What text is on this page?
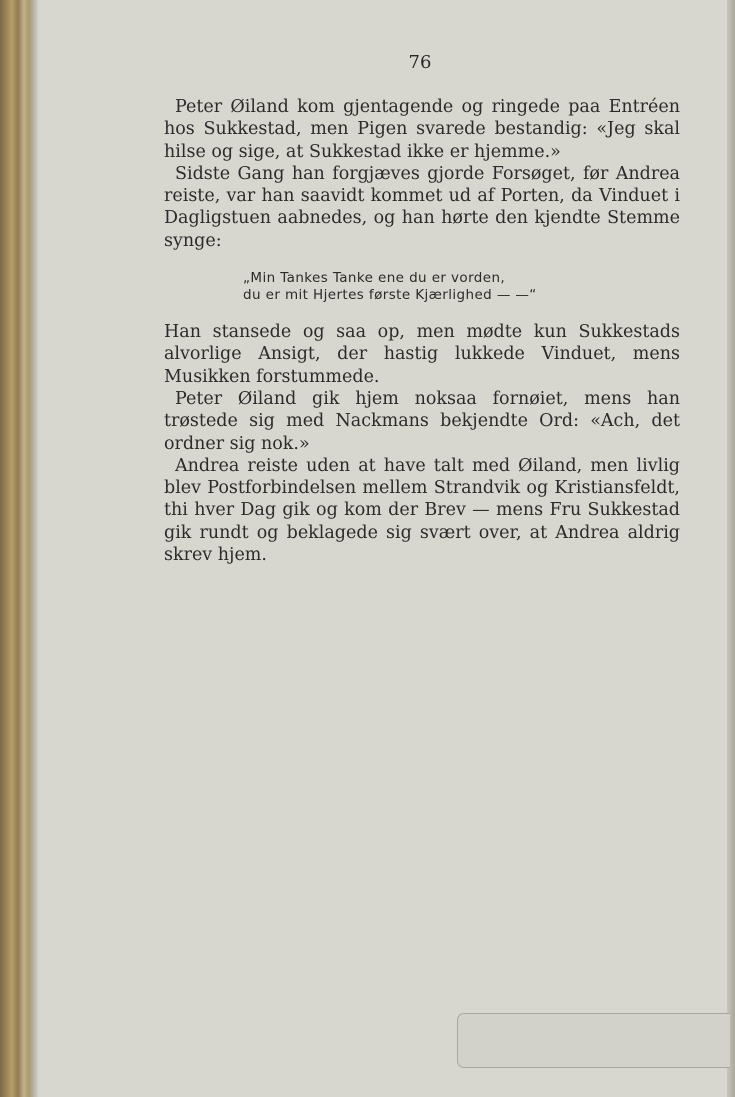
76

Peter Øiland kom gjentagende og ringede paa Entréen hos Sukkestad, men Pigen svarede bestandig: «Jeg skal hilse og sige, at Sukkestad ikke er hjemme.»

Sidste Gang han forgjæves gjorde Forsøget, før Andrea reiste, var han saavidt kommet ud af Porten, da Vinduet i Dagligstuen aabnedes, og han hørte den kjendte Stemme synge:

„Min Tankes Tanke ene du er vorden,
du er mit Hjertes første Kjærlighed — —“

Han stansede og saa op, men mødte kun Sukkestads alvorlige Ansigt, der hastig lukkede Vinduet, mens Musikken forstummede.

Peter Øiland gik hjem noksaa fornøiet, mens han trøstede sig med Nackmans bekjendte Ord: «Ach, det ordner sig nok.»

Andrea reiste uden at have talt med Øiland, men livlig blev Postforbindelsen mellem Strandvik og Kristiansfeldt, thi hver Dag gik og kom der Brev — mens Fru Sukkestad gik rundt og beklagede sig svært over, at Andrea aldrig skrev hjem.
